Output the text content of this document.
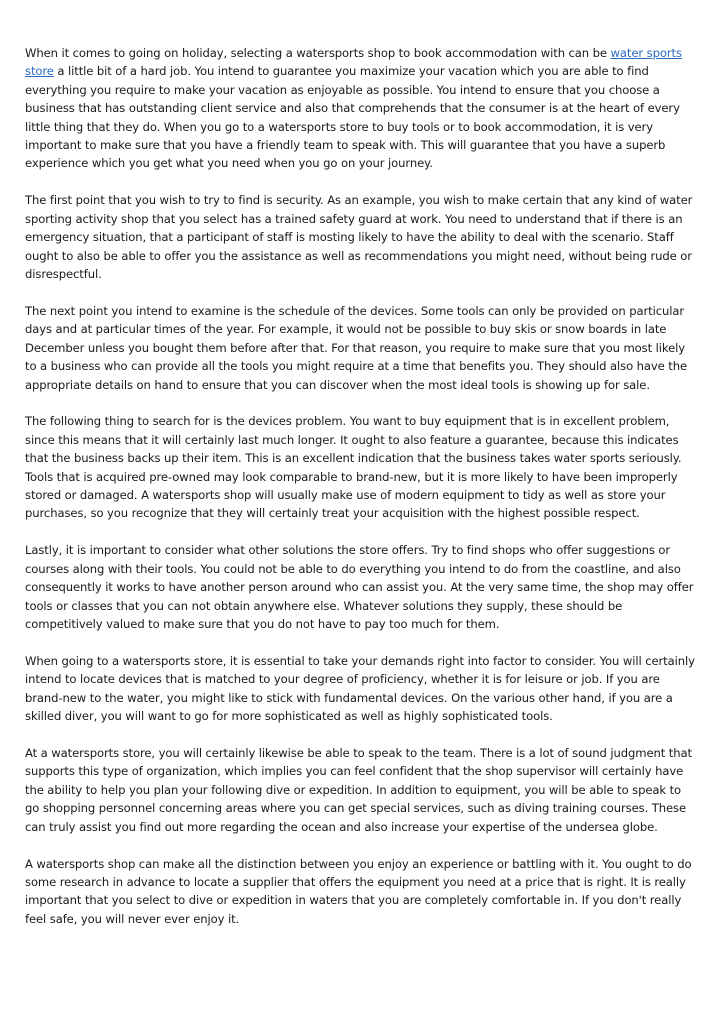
When it comes to going on holiday, selecting a watersports shop to book accommodation with can be water sports store a little bit of a hard job. You intend to guarantee you maximize your vacation which you are able to find everything you require to make your vacation as enjoyable as possible. You intend to ensure that you choose a business that has outstanding client service and also that comprehends that the consumer is at the heart of every little thing that they do. When you go to a watersports store to buy tools or to book accommodation, it is very important to make sure that you have a friendly team to speak with. This will guarantee that you have a superb experience which you get what you need when you go on your journey.

The first point that you wish to try to find is security. As an example, you wish to make certain that any kind of water sporting activity shop that you select has a trained safety guard at work. You need to understand that if there is an emergency situation, that a participant of staff is mosting likely to have the ability to deal with the scenario. Staff ought to also be able to offer you the assistance as well as recommendations you might need, without being rude or disrespectful.

The next point you intend to examine is the schedule of the devices. Some tools can only be provided on particular days and at particular times of the year. For example, it would not be possible to buy skis or snow boards in late December unless you bought them before after that. For that reason, you require to make sure that you most likely to a business who can provide all the tools you might require at a time that benefits you. They should also have the appropriate details on hand to ensure that you can discover when the most ideal tools is showing up for sale.

The following thing to search for is the devices problem. You want to buy equipment that is in excellent problem, since this means that it will certainly last much longer. It ought to also feature a guarantee, because this indicates that the business backs up their item. This is an excellent indication that the business takes water sports seriously. Tools that is acquired pre-owned may look comparable to brand-new, but it is more likely to have been improperly stored or damaged. A watersports shop will usually make use of modern equipment to tidy as well as store your purchases, so you recognize that they will certainly treat your acquisition with the highest possible respect.

Lastly, it is important to consider what other solutions the store offers. Try to find shops who offer suggestions or courses along with their tools. You could not be able to do everything you intend to do from the coastline, and also consequently it works to have another person around who can assist you. At the very same time, the shop may offer tools or classes that you can not obtain anywhere else. Whatever solutions they supply, these should be competitively valued to make sure that you do not have to pay too much for them.

When going to a watersports store, it is essential to take your demands right into factor to consider. You will certainly intend to locate devices that is matched to your degree of proficiency, whether it is for leisure or job. If you are brand-new to the water, you might like to stick with fundamental devices. On the various other hand, if you are a skilled diver, you will want to go for more sophisticated as well as highly sophisticated tools.

At a watersports store, you will certainly likewise be able to speak to the team. There is a lot of sound judgment that supports this type of organization, which implies you can feel confident that the shop supervisor will certainly have the ability to help you plan your following dive or expedition. In addition to equipment, you will be able to speak to go shopping personnel concerning areas where you can get special services, such as diving training courses. These can truly assist you find out more regarding the ocean and also increase your expertise of the undersea globe.

A watersports shop can make all the distinction between you enjoy an experience or battling with it. You ought to do some research in advance to locate a supplier that offers the equipment you need at a price that is right. It is really important that you select to dive or expedition in waters that you are completely comfortable in. If you don't really feel safe, you will never ever enjoy it.
